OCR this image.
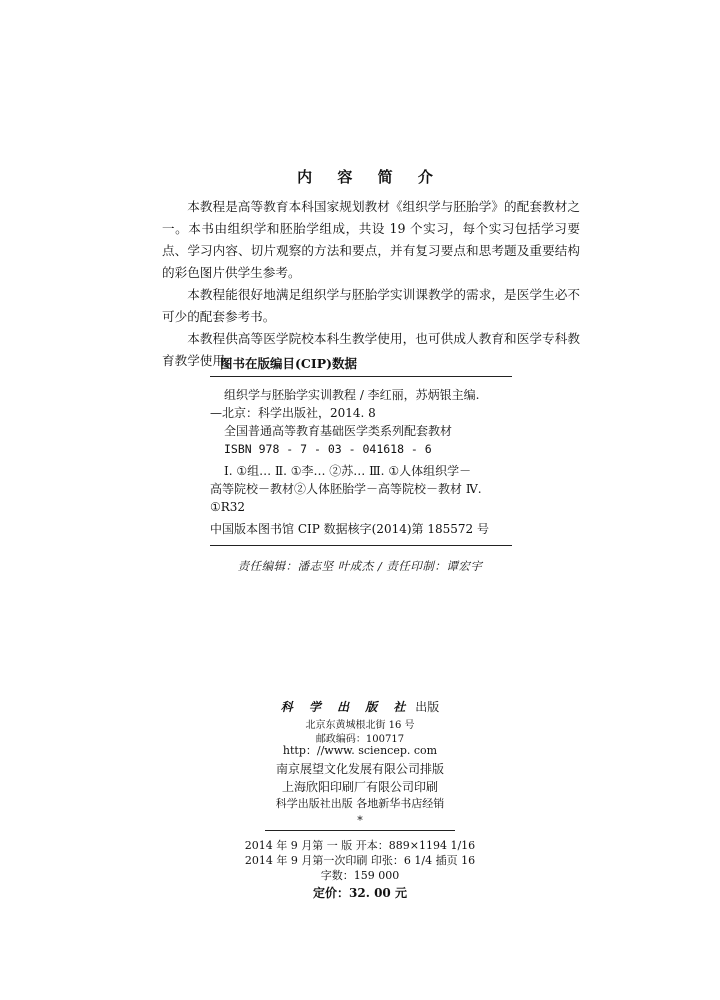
内 容 简 介

本教程是高等教育本科国家规划教材《组织学与胚胎学》的配套教材之一。本书由组织学和胚胎学组成，共设 19 个实习，每个实习包括学习要点、学习内容、切片观察的方法和要点，并有复习要点和思考题及重要结构的彩色图片供学生参考。

本教程能很好地满足组织学与胚胎学实训课教学的需求，是医学生必不可少的配套参考书。

本教程供高等医学院校本科生教学使用，也可供成人教育和医学专科教育教学使用。

图书在版编目(CIP)数据
组织学与胚胎学实训教程 / 李红丽，苏炳银主编.
—北京：科学出版社，2014. 8
全国普通高等教育基础医学类系列配套教材
ISBN 978 - 7 - 03 - 041618 - 6
Ⅰ. ①组… Ⅱ. ①李… ②苏… Ⅲ. ①人体组织学－
高等院校－教材②人体胚胎学－高等院校－教材 Ⅳ.
①R32
中国版本图书馆 CIP 数据核字(2014)第 185572 号
责任编辑：潘志坚 叶成杰 / 责任印制：谭宏宇
科 学 出 版 社 出版
北京东黄城根北街 16 号
邮政编码：100717
http：//www. sciencep. com
南京展望文化发展有限公司排版
上海欣阳印刷厂有限公司印刷
科学出版社出版 各地新华书店经销
*
2014 年 9 月第 一 版 开本：889×1194 1/16
2014 年 9 月第一次印刷 印张：6 1/4 插页 16
字数：159 000
定价：32. 00 元
